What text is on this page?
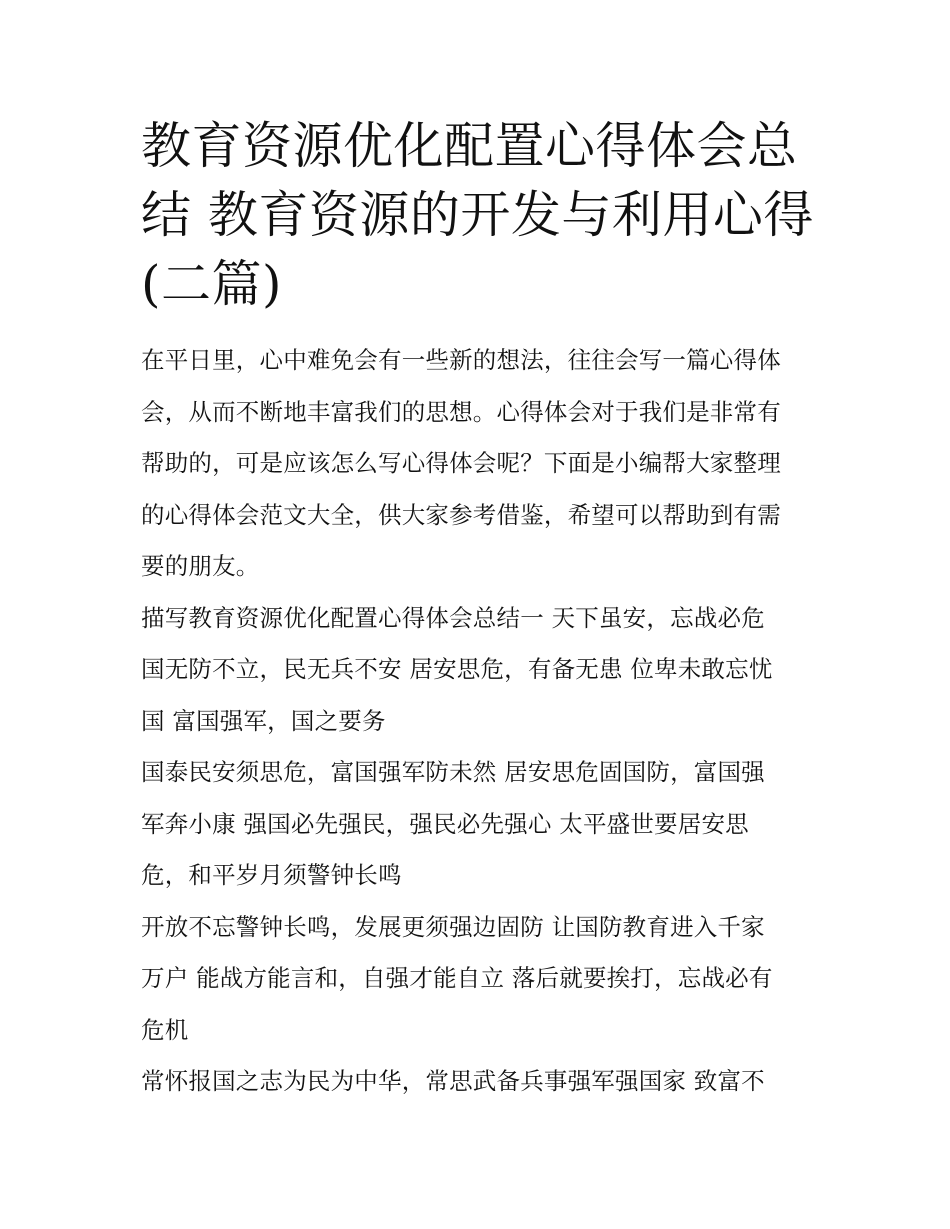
教育资源优化配置心得体会总
结 教育资源的开发与利用心得
(二篇)

在平日里，心中难免会有一些新的想法，往往会写一篇心得体
会，从而不断地丰富我们的思想。心得体会对于我们是非常有
帮助的，可是应该怎么写心得体会呢？下面是小编帮大家整理
的心得体会范文大全，供大家参考借鉴，希望可以帮助到有需
要的朋友。

描写教育资源优化配置心得体会总结一 天下虽安，忘战必危
国无防不立，民无兵不安 居安思危，有备无患 位卑未敢忘忧
国 富国强军，国之要务

国泰民安须思危，富国强军防未然 居安思危固国防，富国强
军奔小康 强国必先强民，强民必先强心 太平盛世要居安思
危，和平岁月须警钟长鸣

开放不忘警钟长鸣，发展更须强边固防 让国防教育进入千家
万户 能战方能言和，自强才能自立 落后就要挨打，忘战必有
危机

常怀报国之志为民为中华，常思武备兵事强军强国家 致富不
